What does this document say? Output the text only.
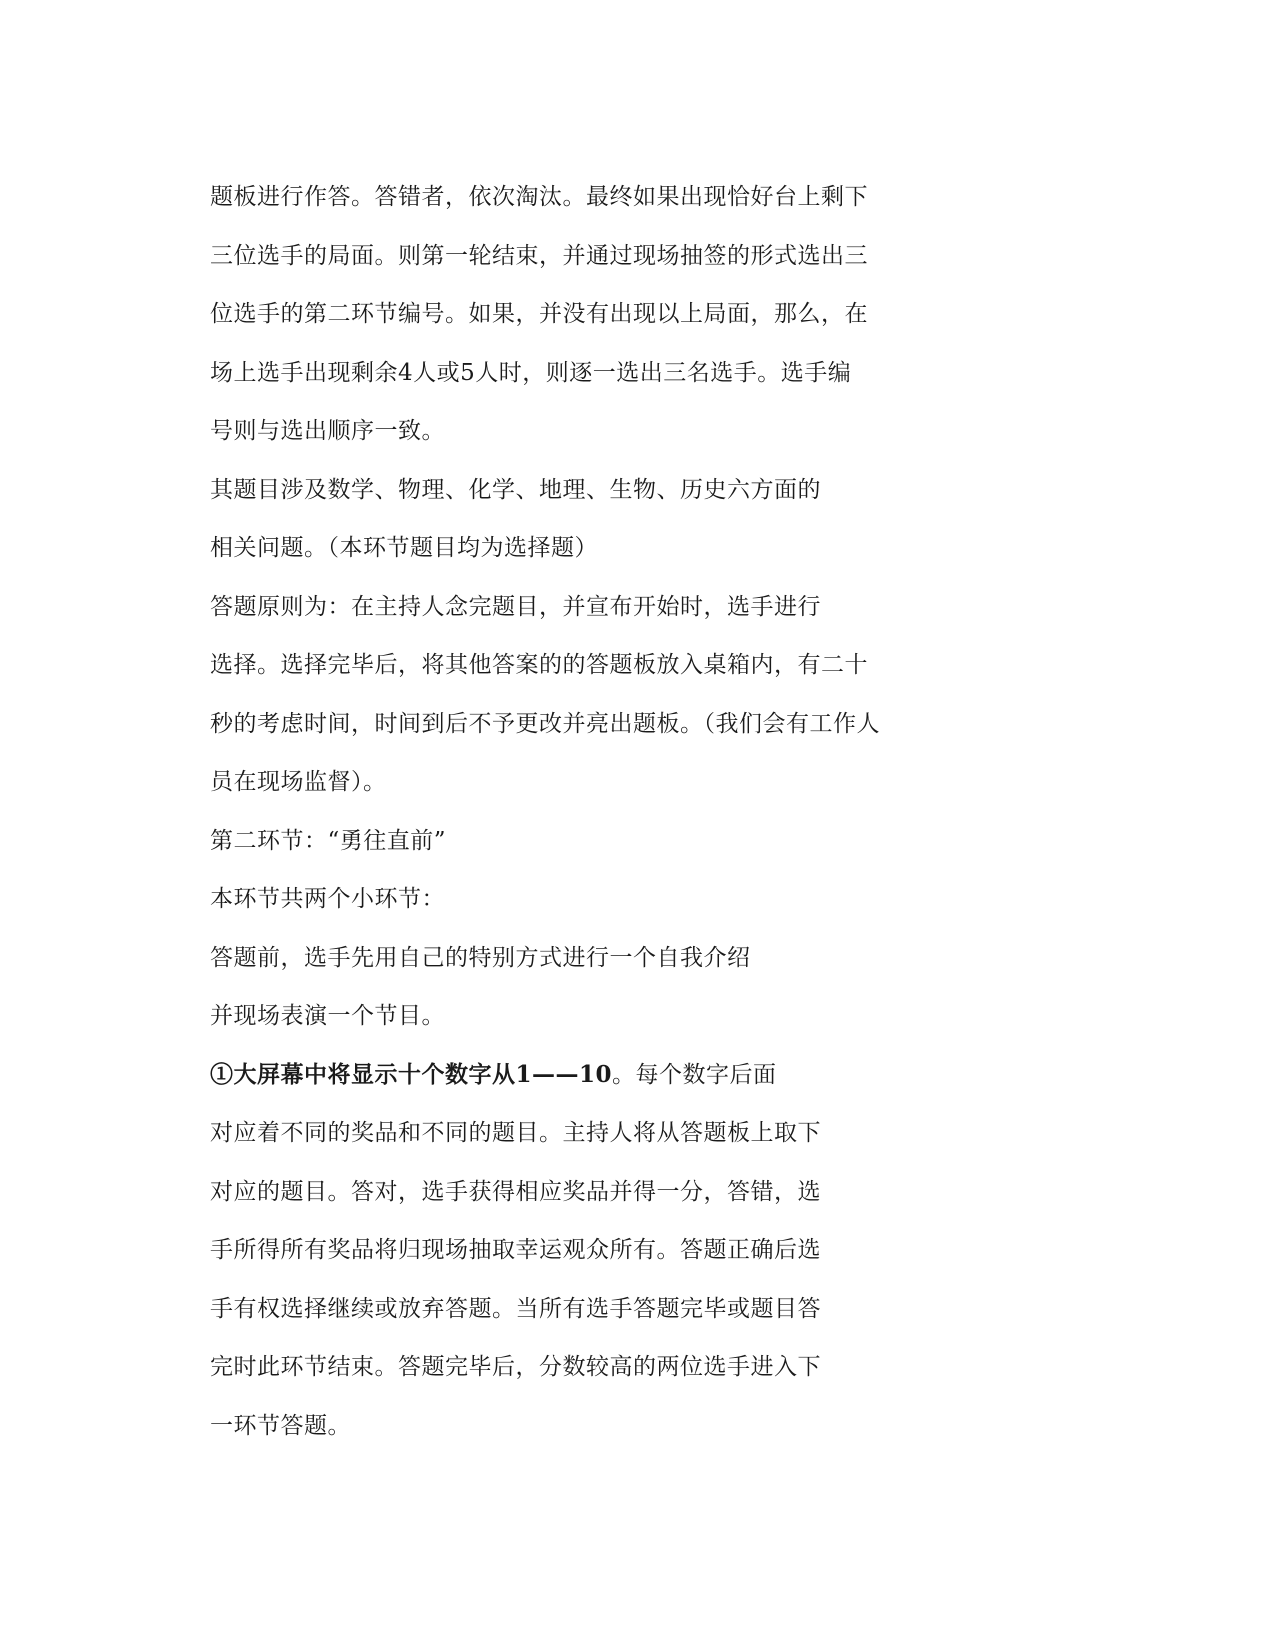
题板进行作答。答错者，依次淘汰。最终如果出现恰好台上剩下
三位选手的局面。则第一轮结束，并通过现场抽签的形式选出三
位选手的第二环节编号。如果，并没有出现以上局面，那么，在
场上选手出现剩余4人或5人时，则逐一选出三名选手。选手编
号则与选出顺序一致。
其题目涉及数学、物理、化学、地理、生物、历史六方面的
相关问题。（本环节题目均为选择题）
答题原则为：在主持人念完题目，并宣布开始时，选手进行
选择。选择完毕后，将其他答案的的答题板放入桌箱内，有二十
秒的考虑时间，时间到后不予更改并亮出题板。（我们会有工作人
员在现场监督）。
第二环节：“勇往直前”
本环节共两个小环节：
答题前，选手先用自己的特别方式进行一个自我介绍
并现场表演一个节目。
①大屏幕中将显示十个数字从1——10。每个数字后面
对应着不同的奖品和不同的题目。主持人将从答题板上取下
对应的题目。答对，选手获得相应奖品并得一分，答错，选
手所得所有奖品将归现场抽取幸运观众所有。答题正确后选
手有权选择继续或放弃答题。当所有选手答题完毕或题目答
完时此环节结束。答题完毕后，分数较高的两位选手进入下
一环节答题。
